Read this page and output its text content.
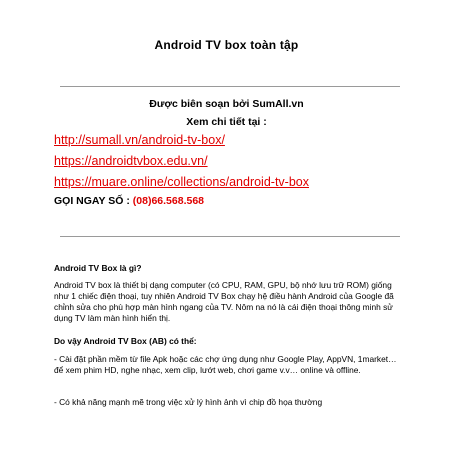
Android TV box toàn tập
Được biên soạn bởi SumAll.vn
Xem chi tiết tại :
http://sumall.vn/android-tv-box/
https://androidtvbox.edu.vn/
https://muare.online/collections/android-tv-box
GỌI NGAY SỐ : (08)66.568.568
Android TV Box là gì?
Android TV box là thiết bị dạng computer (có CPU, RAM, GPU, bộ nhớ lưu trữ ROM) giống như 1 chiếc điện thoại, tuy nhiên Android TV Box chạy hệ điều hành Android của Google đã chỉnh sửa cho phù hợp màn hình ngang của TV. Nôm na nó là cái điện thoại thông minh sử dụng TV làm màn hình hiển thị.
Do vậy Android TV Box (AB) có thể:
- Cài đặt phần mềm từ file Apk hoặc các chợ ứng dụng như Google Play, AppVN, 1market… để xem phim HD, nghe nhạc, xem clip, lướt web, chơi game v.v… online và offline.
- Có khả năng mạnh mẽ trong việc xử lý hình ảnh vì chip đồ họa thường
